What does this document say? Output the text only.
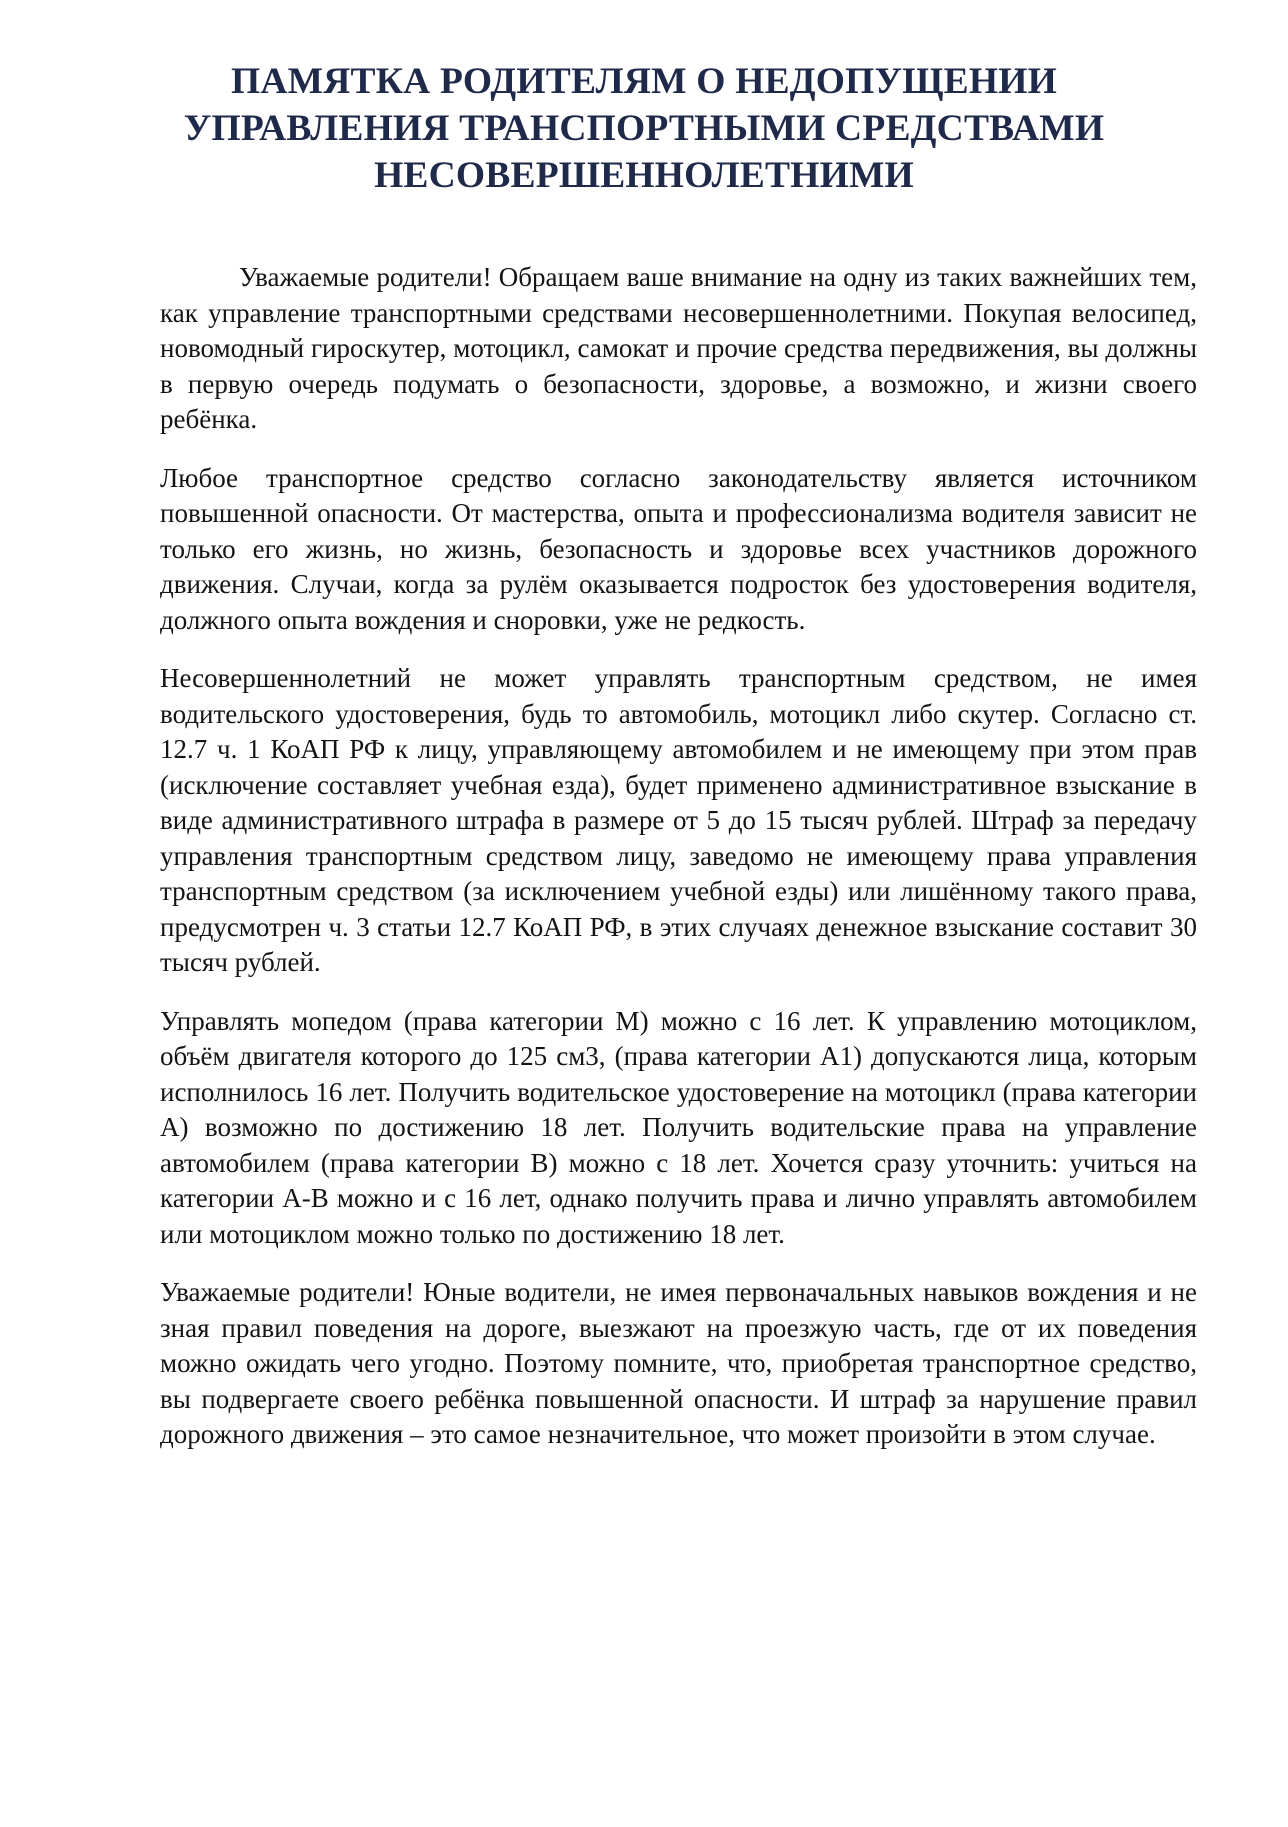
ПАМЯТКА РОДИТЕЛЯМ О НЕДОПУЩЕНИИ
УПРАВЛЕНИЯ ТРАНСПОРТНЫМИ СРЕДСТВАМИ
НЕСОВЕРШЕННОЛЕТНИМИ

Уважаемые родители! Обращаем ваше внимание на одну из таких важнейших тем, как управление транспортными средствами несовершеннолетними. Покупая велосипед, новомодный гироскутер, мотоцикл, самокат и прочие средства передвижения, вы должны в первую очередь подумать о безопасности, здоровье, а возможно, и жизни своего ребёнка.

Любое транспортное средство согласно законодательству является источником повышенной опасности. От мастерства, опыта и профессионализма водителя зависит не только его жизнь, но жизнь, безопасность и здоровье всех участников дорожного движения. Случаи, когда за рулём оказывается подросток без удостоверения водителя, должного опыта вождения и сноровки, уже не редкость.

Несовершеннолетний не может управлять транспортным средством, не имея водительского удостоверения, будь то автомобиль, мотоцикл либо скутер. Согласно ст. 12.7 ч. 1 КоАП РФ к лицу, управляющему автомобилем и не имеющему при этом прав (исключение составляет учебная езда), будет применено административное взыскание в виде административного штрафа в размере от 5 до 15 тысяч рублей. Штраф за передачу управления транспортным средством лицу, заведомо не имеющему права управления транспортным средством (за исключением учебной езды) или лишённому такого права, предусмотрен ч. 3 статьи 12.7 КоАП РФ, в этих случаях денежное взыскание составит 30 тысяч рублей.

Управлять мопедом (права категории М) можно с 16 лет. К управлению мотоциклом, объём двигателя которого до 125 см3, (права категории А1) допускаются лица, которым исполнилось 16 лет. Получить водительское удостоверение на мотоцикл (права категории А) возможно по достижению 18 лет. Получить водительские права на управление автомобилем (права категории В) можно с 18 лет. Хочется сразу уточнить: учиться на категории А-В можно и с 16 лет, однако получить права и лично управлять автомобилем или мотоциклом можно только по достижению 18 лет.

Уважаемые родители! Юные водители, не имея первоначальных навыков вождения и не зная правил поведения на дороге, выезжают на проезжую часть, где от их поведения можно ожидать чего угодно. Поэтому помните, что, приобретая транспортное средство, вы подвергаете своего ребёнка повышенной опасности. И штраф за нарушение правил дорожного движения – это самое незначительное, что может произойти в этом случае.
